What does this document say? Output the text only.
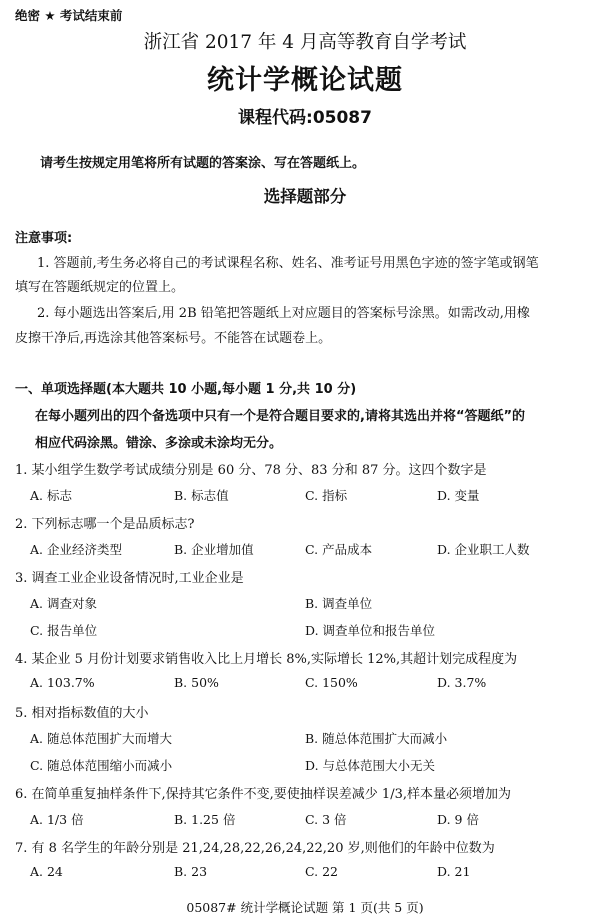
绝密 ★ 考试结束前
浙江省 2017 年 4 月高等教育自学考试
统计学概论试题
课程代码:05087
请考生按规定用笔将所有试题的答案涂、写在答题纸上。
选择题部分
注意事项:
1. 答题前,考生务必将自己的考试课程名称、姓名、准考证号用黑色字迹的签字笔或钢笔
填写在答题纸规定的位置上。
2. 每小题选出答案后,用 2B 铅笔把答题纸上对应题目的答案标号涂黑。如需改动,用橡
皮擦干净后,再选涂其他答案标号。不能答在试题卷上。
一、单项选择题(本大题共 10 小题,每小题 1 分,共 10 分)
在每小题列出的四个备选项中只有一个是符合题目要求的,请将其选出并将“答题纸”的
相应代码涂黑。错涂、多涂或未涂均无分。
1. 某小组学生数学考试成绩分别是 60 分、78 分、83 分和 87 分。这四个数字是
A. 标志	B. 标志值	C. 指标	D. 变量
2. 下列标志哪一个是品质标志?
A. 企业经济类型	B. 企业增加值	C. 产品成本	D. 企业职工人数
3. 调查工业企业设备情况时,工业企业是
A. 调查对象	B. 调查单位
C. 报告单位	D. 调查单位和报告单位
4. 某企业 5 月份计划要求销售收入比上月增长 8%,实际增长 12%,其超计划完成程度为
A. 103.7%	B. 50%	C. 150%	D. 3.7%
5. 相对指标数值的大小
A. 随总体范围扩大而增大	B. 随总体范围扩大而减小
C. 随总体范围缩小而减小	D. 与总体范围大小无关
6. 在简单重复抽样条件下,保持其它条件不变,要使抽样误差减少 1/3,样本量必须增加为
A. 1/3 倍	B. 1.25 倍	C. 3 倍	D. 9 倍
7. 有 8 名学生的年龄分别是 21,24,28,22,26,24,22,20 岁,则他们的年龄中位数为
A. 24	B. 23	C. 22	D. 21
05087# 统计学概论试题 第 1 页(共 5 页)
